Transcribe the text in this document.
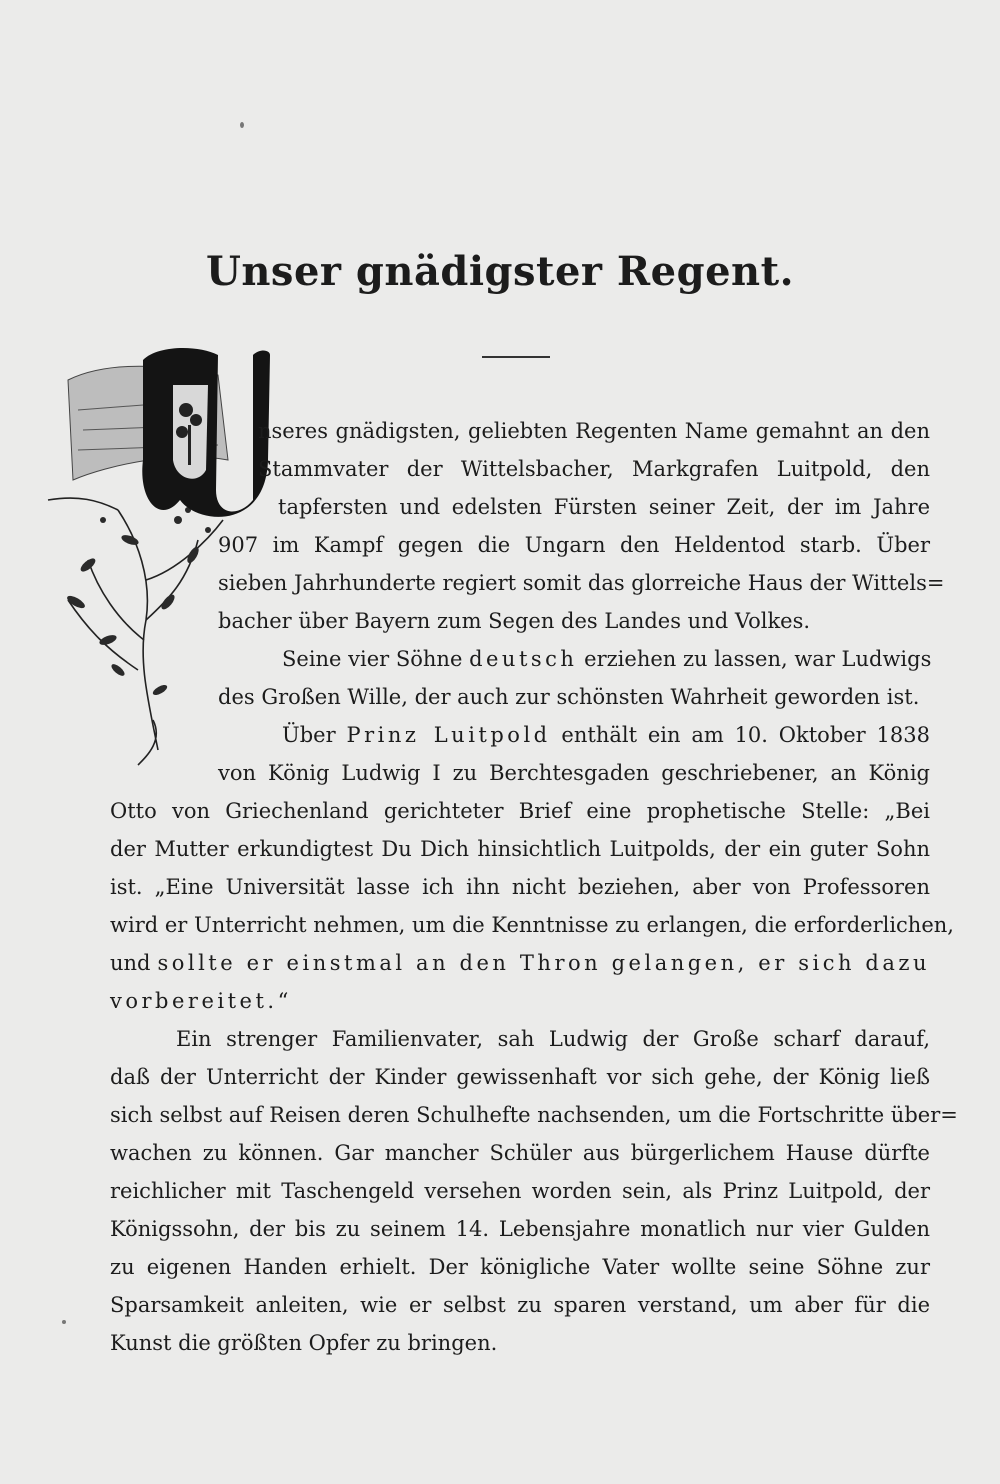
Unser gnädigster Regent.
U
nseres gnädigsten, geliebten Regenten Name gemahnt an den
Stammvater der Wittelsbacher, Markgrafen Luitpold, den
tapfersten und edelsten Fürsten seiner Zeit, der im Jahre
907 im Kampf gegen die Ungarn den Heldentod starb. Über
sieben Jahrhunderte regiert somit das glorreiche Haus der Wittels=
bacher über Bayern zum Segen des Landes und Volkes.
Seine vier Söhne deutsch erziehen zu lassen, war Ludwigs
des Großen Wille, der auch zur schönsten Wahrheit geworden ist.
Über Prinz Luitpold enthält ein am 10. Oktober 1838
von König Ludwig I zu Berchtesgaden geschriebener, an König
Otto von Griechenland gerichteter Brief eine prophetische Stelle: „Bei
der Mutter erkundigtest Du Dich hinsichtlich Luitpolds, der ein guter Sohn
ist. „Eine Universität lasse ich ihn nicht beziehen, aber von Professoren
wird er Unterricht nehmen, um die Kenntnisse zu erlangen, die erforderlichen,
und sollte er einstmal an den Thron gelangen, er sich dazu
vorbereitet.“
Ein strenger Familienvater, sah Ludwig der Große scharf darauf,
daß der Unterricht der Kinder gewissenhaft vor sich gehe, der König ließ
sich selbst auf Reisen deren Schulhefte nachsenden, um die Fortschritte über=
wachen zu können. Gar mancher Schüler aus bürgerlichem Hause dürfte
reichlicher mit Taschengeld versehen worden sein, als Prinz Luitpold, der
Königssohn, der bis zu seinem 14. Lebensjahre monatlich nur vier Gulden
zu eigenen Handen erhielt. Der königliche Vater wollte seine Söhne zur
Sparsamkeit anleiten, wie er selbst zu sparen verstand, um aber für die
Kunst die größten Opfer zu bringen.
